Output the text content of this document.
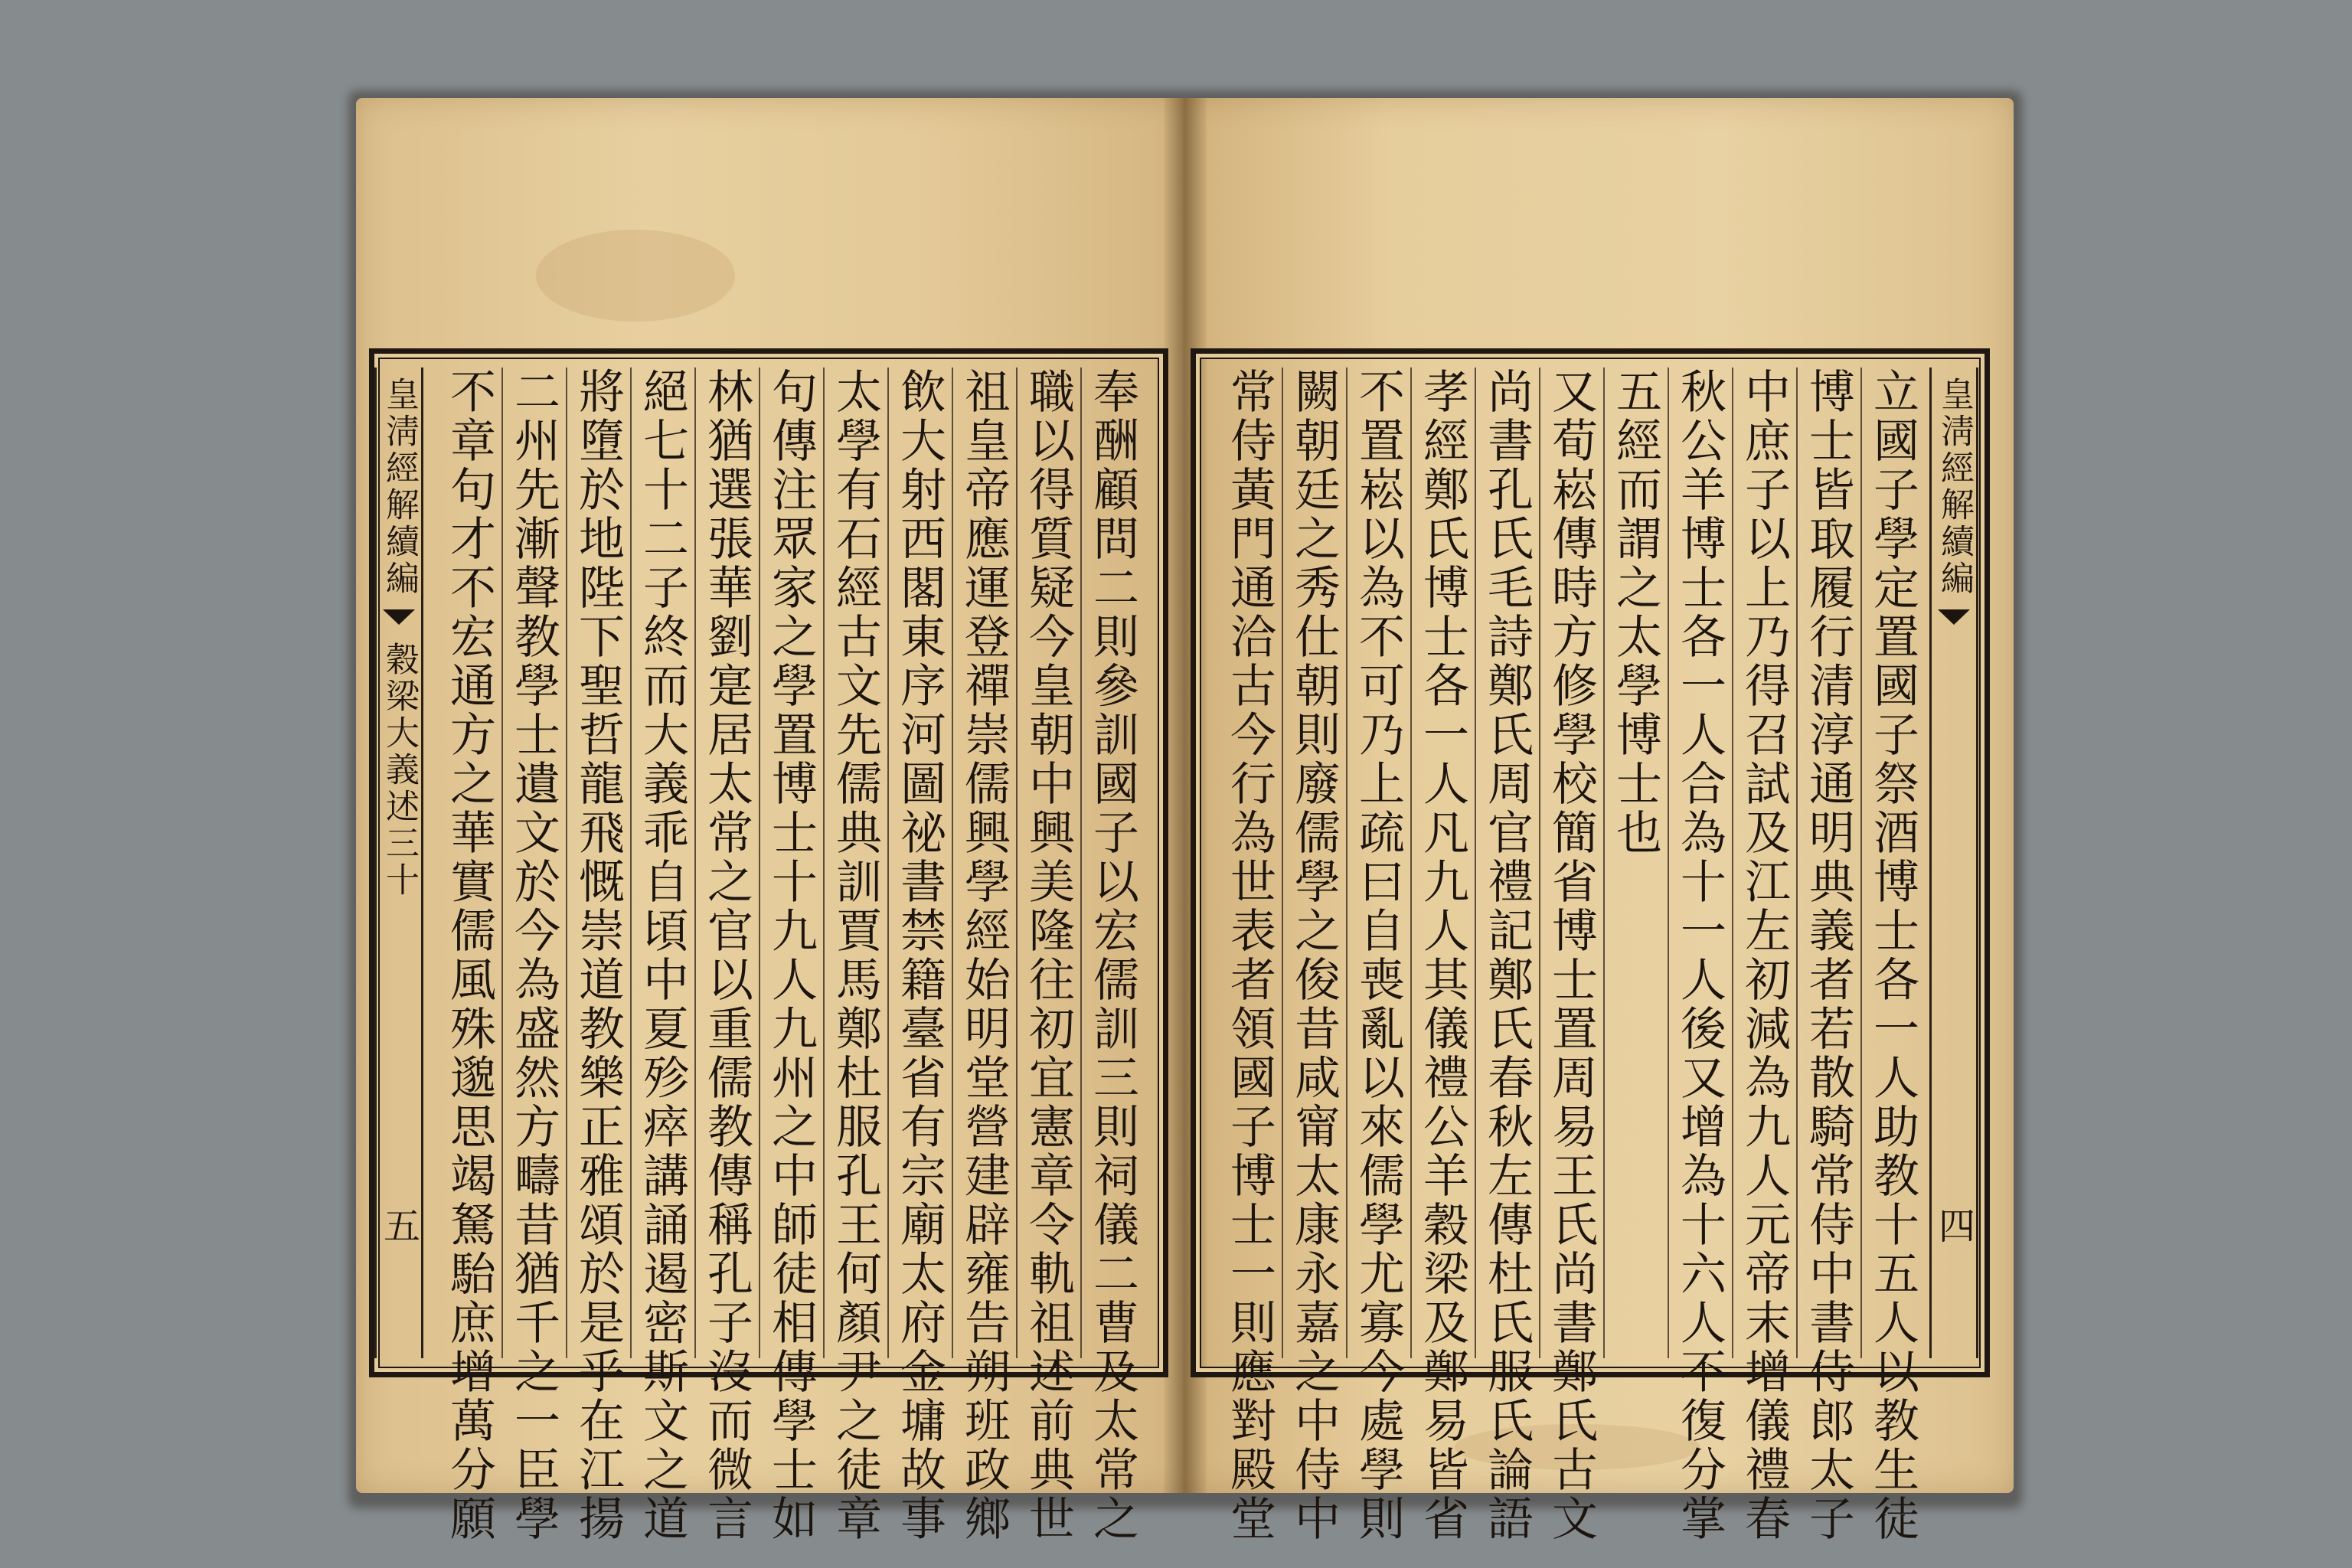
皇淸經解續編
穀梁大義述三十
五	奉酬顧問二則參訓國子以宏儒訓三則祠儀二曹及太常之
職以得質疑今皇朝中興美隆往初宜憲章令軌祖述前典世
祖皇帝應運登禪崇儒興學經始明堂營建辟雍告朔班政鄉
飲大射西閣東序河圖祕書禁籍臺省有宗廟太府金墉故事
太學有石經古文先儒典訓賈馬鄭杜服孔王何顏尹之徒章
句傳注眾家之學置博士十九人九州之中師徒相傳學士如
林猶選張華劉寔居太常之官以重儒教傳稱孔子沒而微言
絕七十二子終而大義乖自頃中夏殄瘁講誦遏密斯文之道
將墮於地陛下聖哲龍飛慨崇道教樂正雅頌於是乎在江揚
二州先漸聲教學士遺文於今為盛然方疇昔猶千之一臣學
不章句才不宏通方之華實儒風殊邈思竭駑駘庶增萬分願	皇淸經解續編
四
立國子學定置國子祭酒博士各一人助教十五人以教生徒
博士皆取履行清淳通明典義者若散騎常侍中書侍郎太子
中庶子以上乃得召試及江左初減為九人元帝末增儀禮春
秋公羊博士各一人合為十一人後又增為十六人不復分掌
五經而謂之太學博士也
又荀崧傳時方修學校簡省博士置周易王氏尚書鄭氏古文
尚書孔氏毛詩鄭氏周官禮記鄭氏春秋左傳杜氏服氏論語
孝經鄭氏博士各一人凡九人其儀禮公羊穀梁及鄭易皆省
不置崧以為不可乃上疏曰自喪亂以來儒學尤寡今處學則
闕朝廷之秀仕朝則廢儒學之俊昔咸甯太康永嘉之中侍中
常侍黃門通洽古今行為世表者領國子博士一則應對殿堂
